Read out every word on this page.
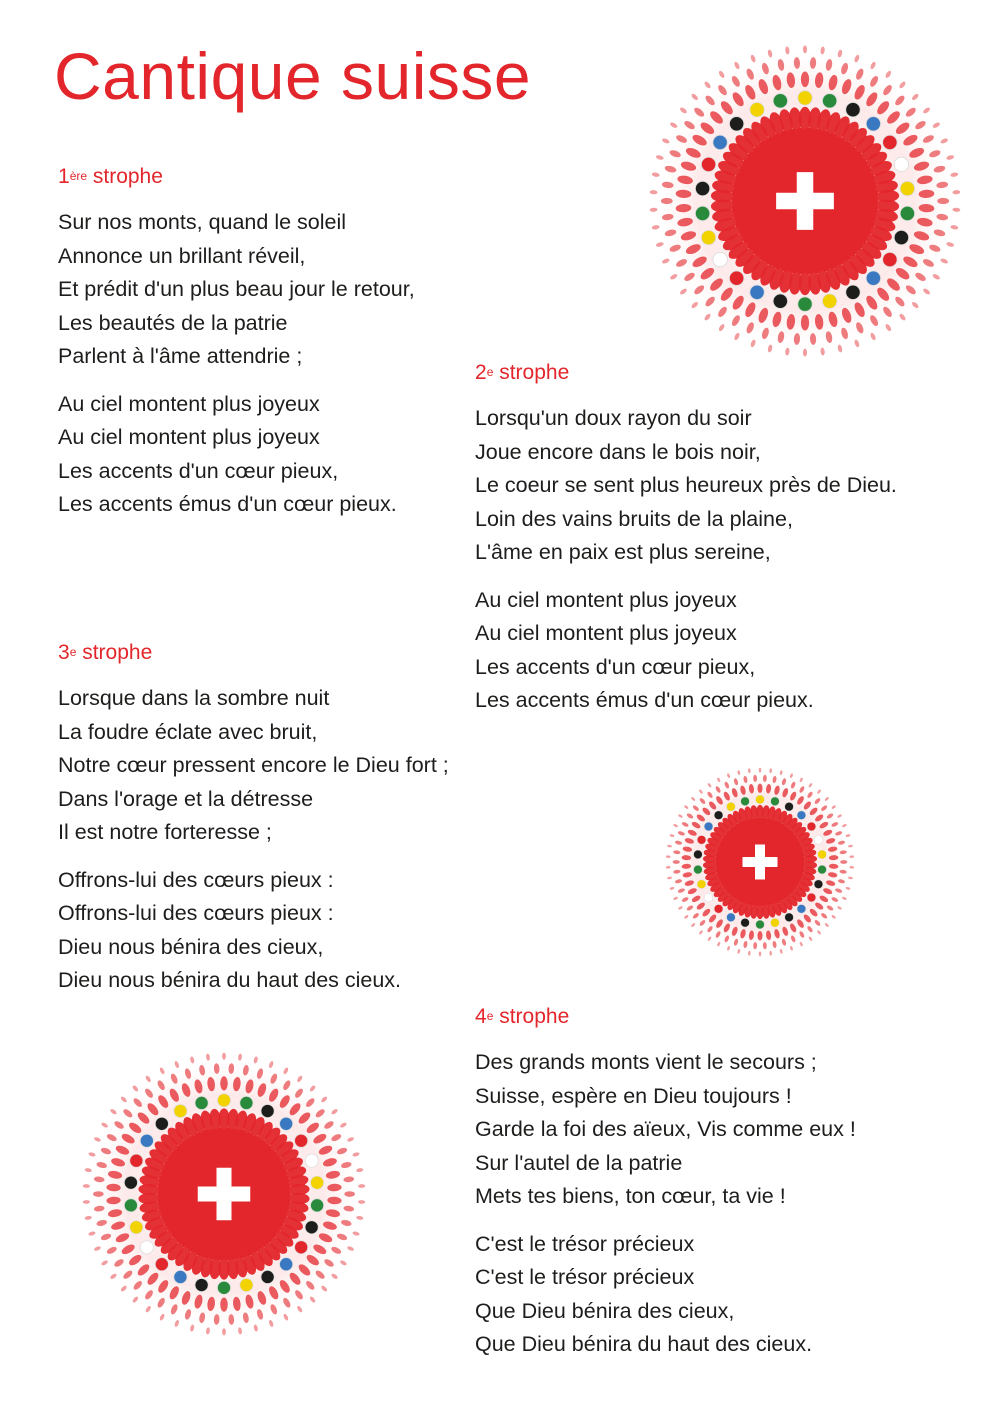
Cantique suisse
1ère strophe
Sur nos monts, quand le soleil
Annonce un brillant réveil,
Et prédit d'un plus beau jour le retour,
Les beautés de la patrie
Parlent à l'âme attendrie ;
Au ciel montent plus joyeux
Au ciel montent plus joyeux
Les accents d'un cœur pieux,
Les accents émus d'un cœur pieux.
2e strophe
Lorsqu'un doux rayon du soir
Joue encore dans le bois noir,
Le coeur se sent plus heureux près de Dieu.
Loin des vains bruits de la plaine,
L'âme en paix est plus sereine,
Au ciel montent plus joyeux
Au ciel montent plus joyeux
Les accents d'un cœur pieux,
Les accents émus d'un cœur pieux.
3e strophe
Lorsque dans la sombre nuit
La foudre éclate avec bruit,
Notre cœur pressent encore le Dieu fort ;
Dans l'orage et la détresse
Il est notre forteresse ;
Offrons-lui des cœurs pieux :
Offrons-lui des cœurs pieux :
Dieu nous bénira des cieux,
Dieu nous bénira du haut des cieux.
4e strophe
Des grands monts vient le secours ;
Suisse, espère en Dieu toujours !
Garde la foi des aïeux, Vis comme eux !
Sur l'autel de la patrie
Mets tes biens, ton cœur, ta vie !
C'est le trésor précieux
C'est le trésor précieux
Que Dieu bénira des cieux,
Que Dieu bénira du haut des cieux.
